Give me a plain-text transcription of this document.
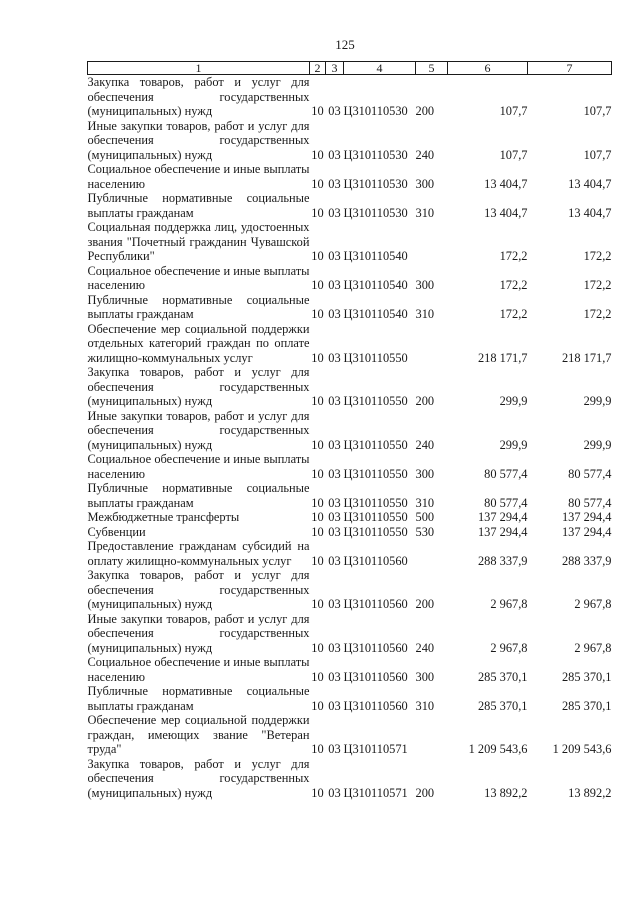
125
1	2	3	4	5	6	7
Закупка товаров, работ и услуг для обеспечения государственных (муниципальных) нужд	10	03	Ц310110530	200	107,7	107,7
Иные закупки товаров, работ и услуг для обеспечения государственных (муниципальных) нужд	10	03	Ц310110530	240	107,7	107,7
Социальное обеспечение и иные выплаты населению	10	03	Ц310110530	300	13 404,7	13 404,7
Публичные нормативные социальные выплаты гражданам	10	03	Ц310110530	310	13 404,7	13 404,7
Социальная поддержка лиц, удостоенных звания "Почетный гражданин Чувашской Республики"	10	03	Ц310110540		172,2	172,2
Социальное обеспечение и иные выплаты населению	10	03	Ц310110540	300	172,2	172,2
Публичные нормативные социальные выплаты гражданам	10	03	Ц310110540	310	172,2	172,2
Обеспечение мер социальной поддержки отдельных категорий граждан по оплате жилищно-коммунальных услуг	10	03	Ц310110550		218 171,7	218 171,7
Закупка товаров, работ и услуг для обеспечения государственных (муниципальных) нужд	10	03	Ц310110550	200	299,9	299,9
Иные закупки товаров, работ и услуг для обеспечения государственных (муниципальных) нужд	10	03	Ц310110550	240	299,9	299,9
Социальное обеспечение и иные выплаты населению	10	03	Ц310110550	300	80 577,4	80 577,4
Публичные нормативные социальные выплаты гражданам	10	03	Ц310110550	310	80 577,4	80 577,4
Межбюджетные трансферты	10	03	Ц310110550	500	137 294,4	137 294,4
Субвенции	10	03	Ц310110550	530	137 294,4	137 294,4
Предоставление гражданам субсидий на оплату жилищно-коммунальных услуг	10	03	Ц310110560		288 337,9	288 337,9
Закупка товаров, работ и услуг для обеспечения государственных (муниципальных) нужд	10	03	Ц310110560	200	2 967,8	2 967,8
Иные закупки товаров, работ и услуг для обеспечения государственных (муниципальных) нужд	10	03	Ц310110560	240	2 967,8	2 967,8
Социальное обеспечение и иные выплаты населению	10	03	Ц310110560	300	285 370,1	285 370,1
Публичные нормативные социальные выплаты гражданам	10	03	Ц310110560	310	285 370,1	285 370,1
Обеспечение мер социальной поддержки граждан, имеющих звание "Ветеран труда"	10	03	Ц310110571		1 209 543,6	1 209 543,6
Закупка товаров, работ и услуг для обеспечения государственных (муниципальных) нужд	10	03	Ц310110571	200	13 892,2	13 892,2
